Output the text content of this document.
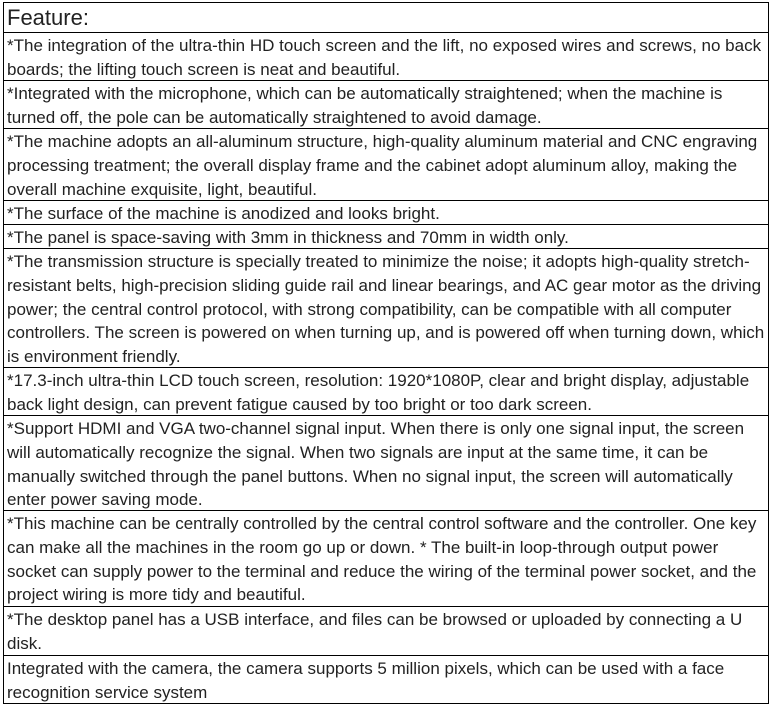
Feature:
*The integration of the ultra-thin HD touch screen and the lift, no exposed wires and screws, no back boards; the lifting touch screen is neat and beautiful.
*Integrated with the microphone, which can be automatically straightened; when the machine is turned off, the pole can be automatically straightened to avoid damage.
*The machine adopts an all-aluminum structure, high-quality aluminum material and CNC engraving processing treatment; the overall display frame and the cabinet adopt aluminum alloy, making the overall machine exquisite, light, beautiful.
*The surface of the machine is anodized and looks bright.
*The panel is space-saving with 3mm in thickness and 70mm in width only.
*The transmission structure is specially treated to minimize the noise; it adopts high-quality stretch-resistant belts, high-precision sliding guide rail and linear bearings, and AC gear motor as the driving power; the central control protocol, with strong compatibility, can be compatible with all computer controllers. The screen is powered on when turning up, and is powered off when turning down, which is environment friendly.
*17.3-inch ultra-thin LCD touch screen, resolution: 1920*1080P, clear and bright display, adjustable back light design, can prevent fatigue caused by too bright or too dark screen.
*Support HDMI and VGA two-channel signal input. When there is only one signal input, the screen will automatically recognize the signal. When two signals are input at the same time, it can be manually switched through the panel buttons. When no signal input, the screen will automatically enter power saving mode.
*This machine can be centrally controlled by the central control software and the controller. One key can make all the machines in the room go up or down. * The built-in loop-through output power socket can supply power to the terminal and reduce the wiring of the terminal power socket, and the project wiring is more tidy and beautiful.
*The desktop panel has a USB interface, and files can be browsed or uploaded by connecting a U disk.
Integrated with the camera, the camera supports 5 million pixels, which can be used with a face recognition service system
